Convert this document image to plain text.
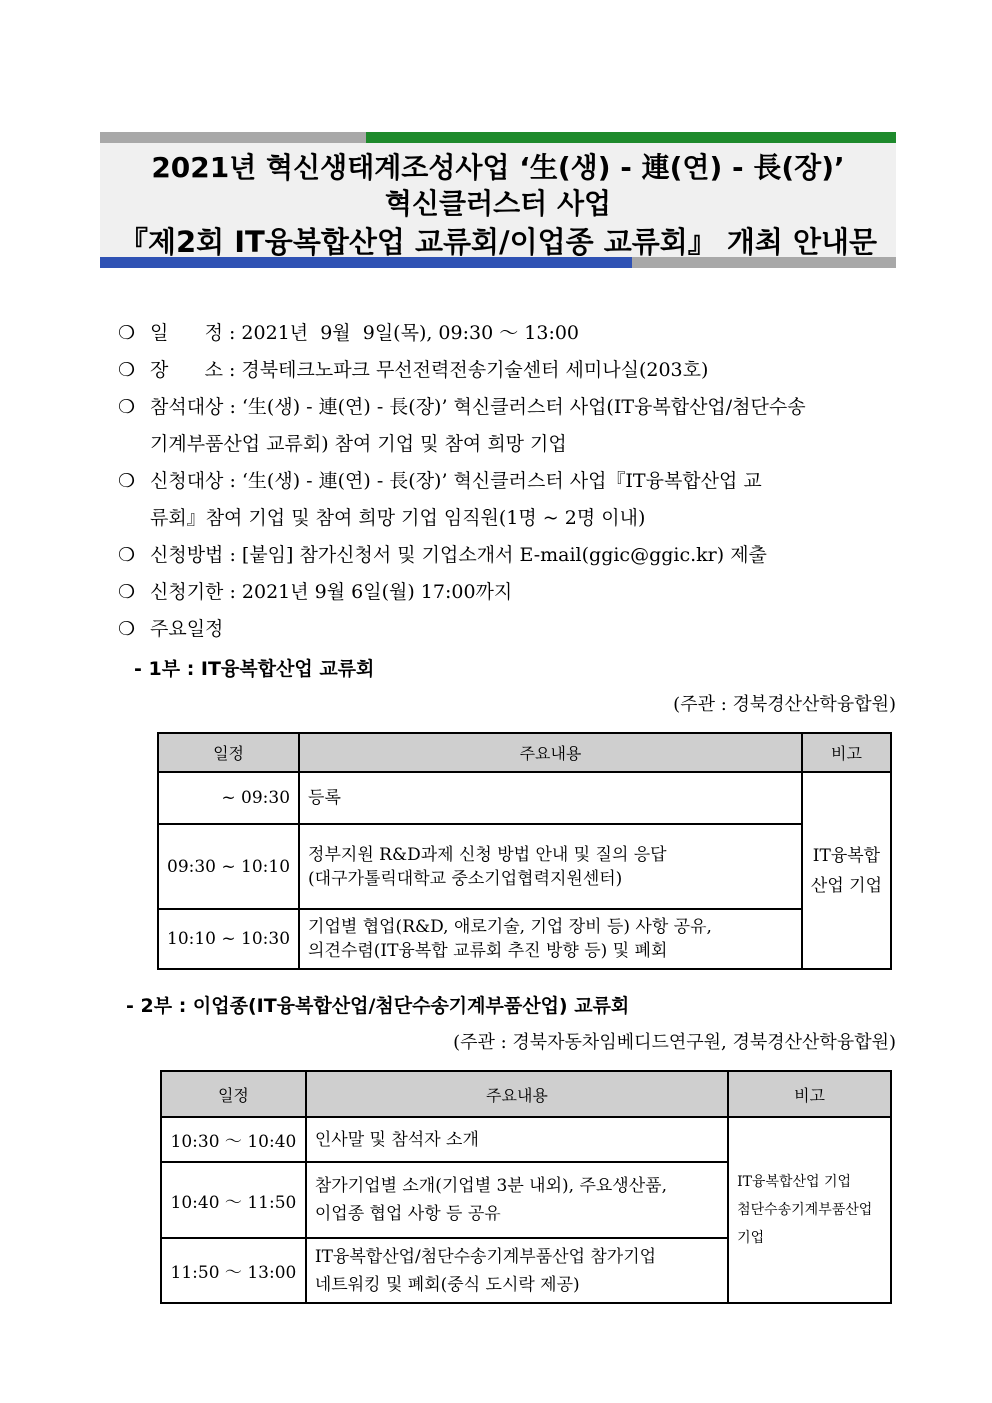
2021년 혁신생태계조성사업 ‘生(생) - 連(연) - 長(장)’
혁신클러스터 사업
『제2회 IT융복합산업 교류회/이업종 교류회』 개최 안내문
❍ 일      정 : 2021년  9월  9일(목), 09:30 ～ 13:00
❍ 장      소 : 경북테크노파크 무선전력전송기술센터 세미나실(203호)
❍ 참석대상 : ‘生(생) - 連(연) - 長(장)’ 혁신클러스터 사업(IT융복합산업/첨단수송
기계부품산업 교류회) 참여 기업 및 참여 희망 기업
❍ 신청대상 : ‘生(생) - 連(연) - 長(장)’ 혁신클러스터 사업『IT융복합산업 교
류회』참여 기업 및 참여 희망 기업 임직원(1명 ~ 2명 이내)
❍ 신청방법 : [붙임] 참가신청서 및 기업소개서 E-mail(ggic@ggic.kr) 제출
❍ 신청기한 : 2021년 9월 6일(월) 17:00까지
❍ 주요일정
- 1부 : IT융복합산업 교류회
(주관 : 경북경산산학융합원)
일정	주요내용	비고
~ 09:30	등록	IT융복합
산업 기업

09:30 ~ 10:10	정부지원 R&D과제 신청 방법 안내 및 질의 응답
(대구가톨릭대학교 중소기업협력지원센터)	

10:10 ~ 10:30	기업별 협업(R&D, 애로기술, 기업 장비 등) 사항 공유,
의견수렴(IT융복합 교류회 추진 방향 등) 및 폐회	
- 2부 : 이업종(IT융복합산업/첨단수송기계부품산업) 교류회
(주관 : 경북자동차임베디드연구원, 경북경산산학융합원)
일정	주요내용	비고
10:30 ～ 10:40	인사말 및 참석자 소개	IT융복합산업 기업
첨단수송기계부품산업
기업

10:40 ～ 11:50	참가기업별 소개(기업별 3분 내외), 주요생산품,
이업종 협업 사항 등 공유	

11:50 ～ 13:00	IT융복합산업/첨단수송기계부품산업 참가기업
네트워킹 및 폐회(중식 도시락 제공)	
